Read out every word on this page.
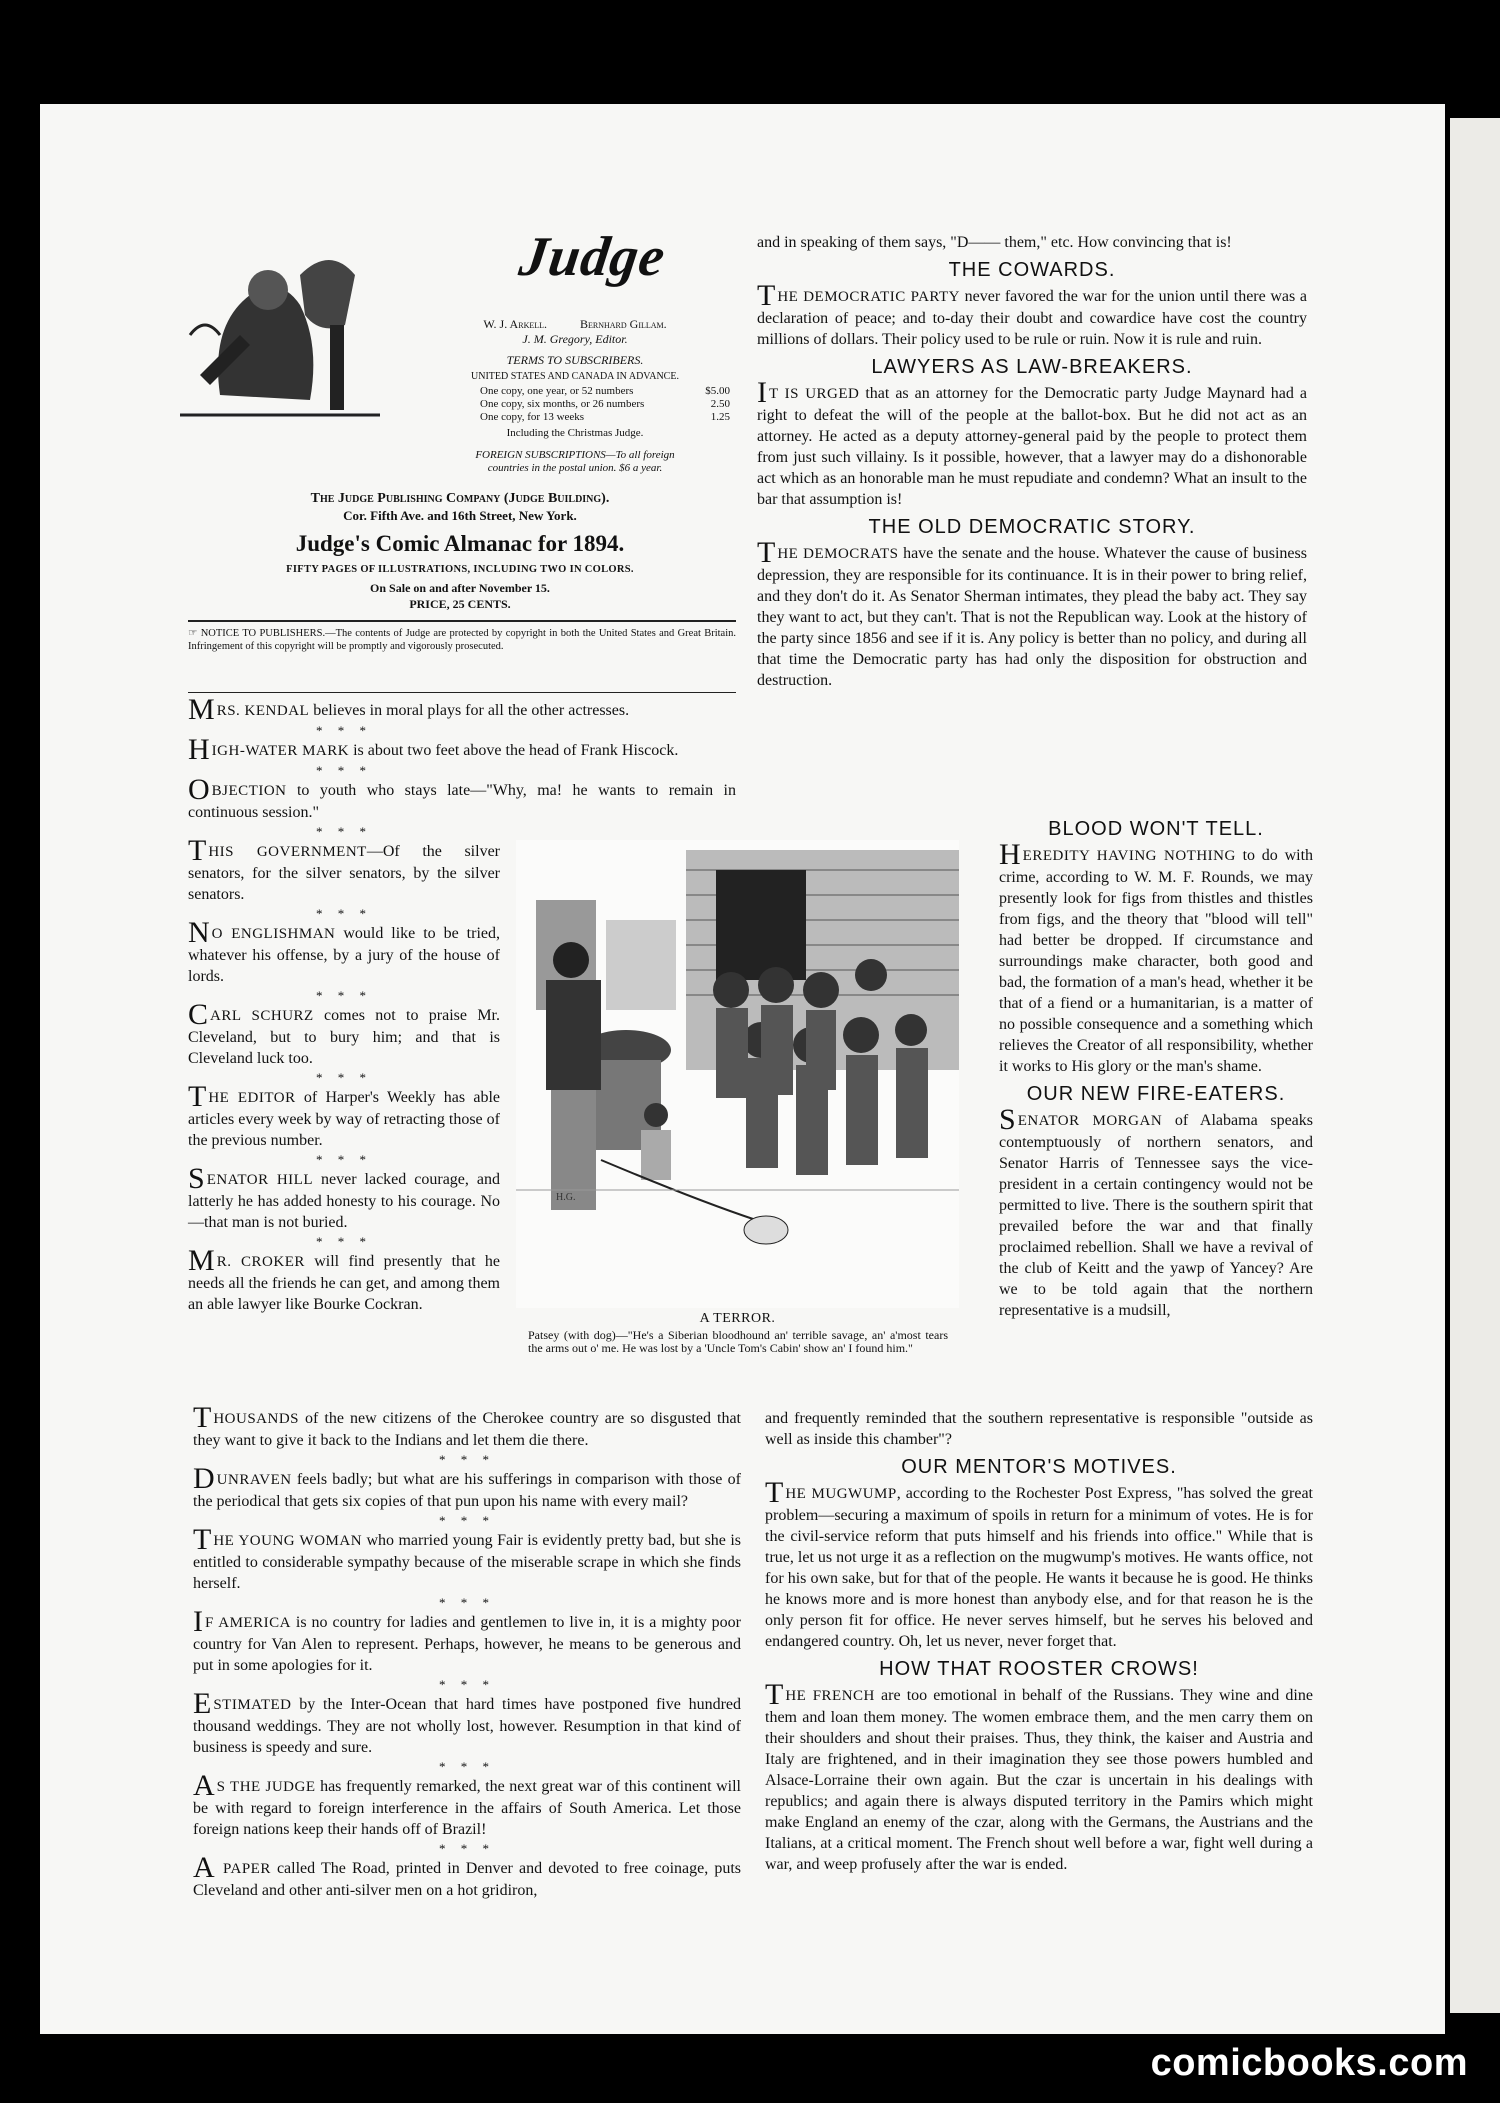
Judge
W. J. Arkell.           Bernhard Gillam.
J. M. Gregory, Editor.
TERMS TO SUBSCRIBERS.
UNITED STATES AND CANADA IN ADVANCE.
One copy, one year, or 52 numbers	$5.00
One copy, six months, or 26 numbers	2.50
One copy, for 13 weeks	1.25
Including the Christmas Judge.
FOREIGN SUBSCRIPTIONS—To all foreign countries in the postal union. $6 a year.
The Judge Publishing Company (Judge Building).
Cor. Fifth Ave. and 16th Street, New York.
Judge's Comic Almanac for 1894.
FIFTY PAGES OF ILLUSTRATIONS, INCLUDING TWO IN COLORS.
On Sale on and after November 15.
PRICE, 25 CENTS.
☞ NOTICE TO PUBLISHERS.—The contents of Judge are protected by copyright in both the United States and Great Britain. Infringement of this copyright will be promptly and vigorously prosecuted.

MRS. KENDAL believes in moral plays for all the other actresses.

* * *

HIGH-WATER MARK is about two feet above the head of Frank Hiscock.

* * *

OBJECTION to youth who stays late—"Why, ma! he wants to remain in continuous session."

* * *

THIS GOVERNMENT—Of the silver senators, for the silver senators, by the silver senators.

* * *

N O ENGLISHMAN would like to be tried, whatever his offense, by a jury of the house of lords.

* * *

CARL SCHURZ comes not to praise Mr. Cleveland, but to bury him; and that is Cleveland luck too.

* * *

THE EDITOR of Harper's Weekly has able articles every week by way of retracting those of the previous number.

* * *

SENATOR HILL never lacked courage, and latterly he has added honesty to his courage. No—that man is not buried.

* * *

M R. CROKER will find presently that he needs all the friends he can get, and among them an able lawyer like Bourke Cockran.

H.G.
A TERROR.
Patsey (with dog)—"He's a Siberian bloodhound an' terrible savage, an' a'most tears the arms out o' me. He was lost by a 'Uncle Tom's Cabin' show an' I found him."

and in speaking of them says, "D—— them," etc. How convincing that is!

THE COWARDS.

THE DEMOCRATIC PARTY never favored the war for the union until there was a declaration of peace; and to-day their doubt and cowardice have cost the country millions of dollars. Their policy used to be rule or ruin. Now it is rule and ruin.

LAWYERS AS LAW-BREAKERS.

I T IS URGED that as an attorney for the Democratic party Judge Maynard had a right to defeat the will of the people at the ballot-box. But he did not act as an attorney. He acted as a deputy attorney-general paid by the people to protect them from just such villainy. Is it possible, however, that a lawyer may do a dishonorable act which as an honorable man he must repudiate and condemn? What an insult to the bar that assumption is!

THE OLD DEMOCRATIC STORY.

THE DEMOCRATS have the senate and the house. Whatever the cause of business depression, they are responsible for its continuance. It is in their power to bring relief, and they don't do it. As Senator Sherman intimates, they plead the baby act. They say they want to act, but they can't. That is not the Republican way. Look at the history of the party since 1856 and see if it is. Any policy is better than no policy, and during all that time the Democratic party has had only the disposition for obstruction and destruction.

BLOOD WON'T TELL.

HEREDITY HAVING NOTHING to do with crime, according to W. M. F. Rounds, we may presently look for figs from thistles and thistles from figs, and the theory that "blood will tell" had better be dropped. If circumstance and surroundings make character, both good and bad, the formation of a man's head, whether it be that of a fiend or a humanitarian, is a matter of no possible consequence and a something which relieves the Creator of all responsibility, whether it works to His glory or the man's shame.

OUR NEW FIRE-EATERS.

SENATOR MORGAN of Alabama speaks contemptuously of northern senators, and Senator Harris of Tennessee says the vice-president in a certain contingency would not be permitted to live. There is the southern spirit that prevailed before the war and that finally proclaimed rebellion. Shall we have a revival of the club of Keitt and the yawp of Yancey? Are we to be told again that the northern representative is a mudsill,

THOUSANDS of the new citizens of the Cherokee country are so disgusted that they want to give it back to the Indians and let them die there.

* * *

DUNRAVEN feels badly; but what are his sufferings in comparison with those of the periodical that gets six copies of that pun upon his name with every mail?

* * *

THE YOUNG WOMAN who married young Fair is evidently pretty bad, but she is entitled to considerable sympathy because of the miserable scrape in which she finds herself.

* * *

I F AMERICA is no country for ladies and gentlemen to live in, it is a mighty poor country for Van Alen to represent. Perhaps, however, he means to be generous and put in some apologies for it.

* * *

ESTIMATED by the Inter-Ocean that hard times have postponed five hundred thousand weddings. They are not wholly lost, however. Resumption in that kind of business is speedy and sure.

* * *

A S THE JUDGE has frequently remarked, the next great war of this continent will be with regard to foreign interference in the affairs of South America. Let those foreign nations keep their hands off of Brazil!

* * *

A PAPER called The Road, printed in Denver and devoted to free coinage, puts Cleveland and other anti-silver men on a hot gridiron,

and frequently reminded that the southern representative is responsible "outside as well as inside this chamber"?

OUR MENTOR'S MOTIVES.

THE MUGWUMP, according to the Rochester Post Express, "has solved the great problem—securing a maximum of spoils in return for a minimum of votes. He is for the civil-service reform that puts himself and his friends into office." While that is true, let us not urge it as a reflection on the mugwump's motives. He wants office, not for his own sake, but for that of the people. He wants it because he is good. He thinks he knows more and is more honest than anybody else, and for that reason he is the only person fit for office. He never serves himself, but he serves his beloved and endangered country. Oh, let us never, never forget that.

HOW THAT ROOSTER CROWS!

THE FRENCH are too emotional in behalf of the Russians. They wine and dine them and loan them money. The women embrace them, and the men carry them on their shoulders and shout their praises. Thus, they think, the kaiser and Austria and Italy are frightened, and in their imagination they see those powers humbled and Alsace-Lorraine their own again. But the czar is uncertain in his dealings with republics; and again there is always disputed territory in the Pamirs which might make England an enemy of the czar, along with the Germans, the Austrians and the Italians, at a critical moment. The French shout well before a war, fight well during a war, and weep profusely after the war is ended.

comicbooks.com
